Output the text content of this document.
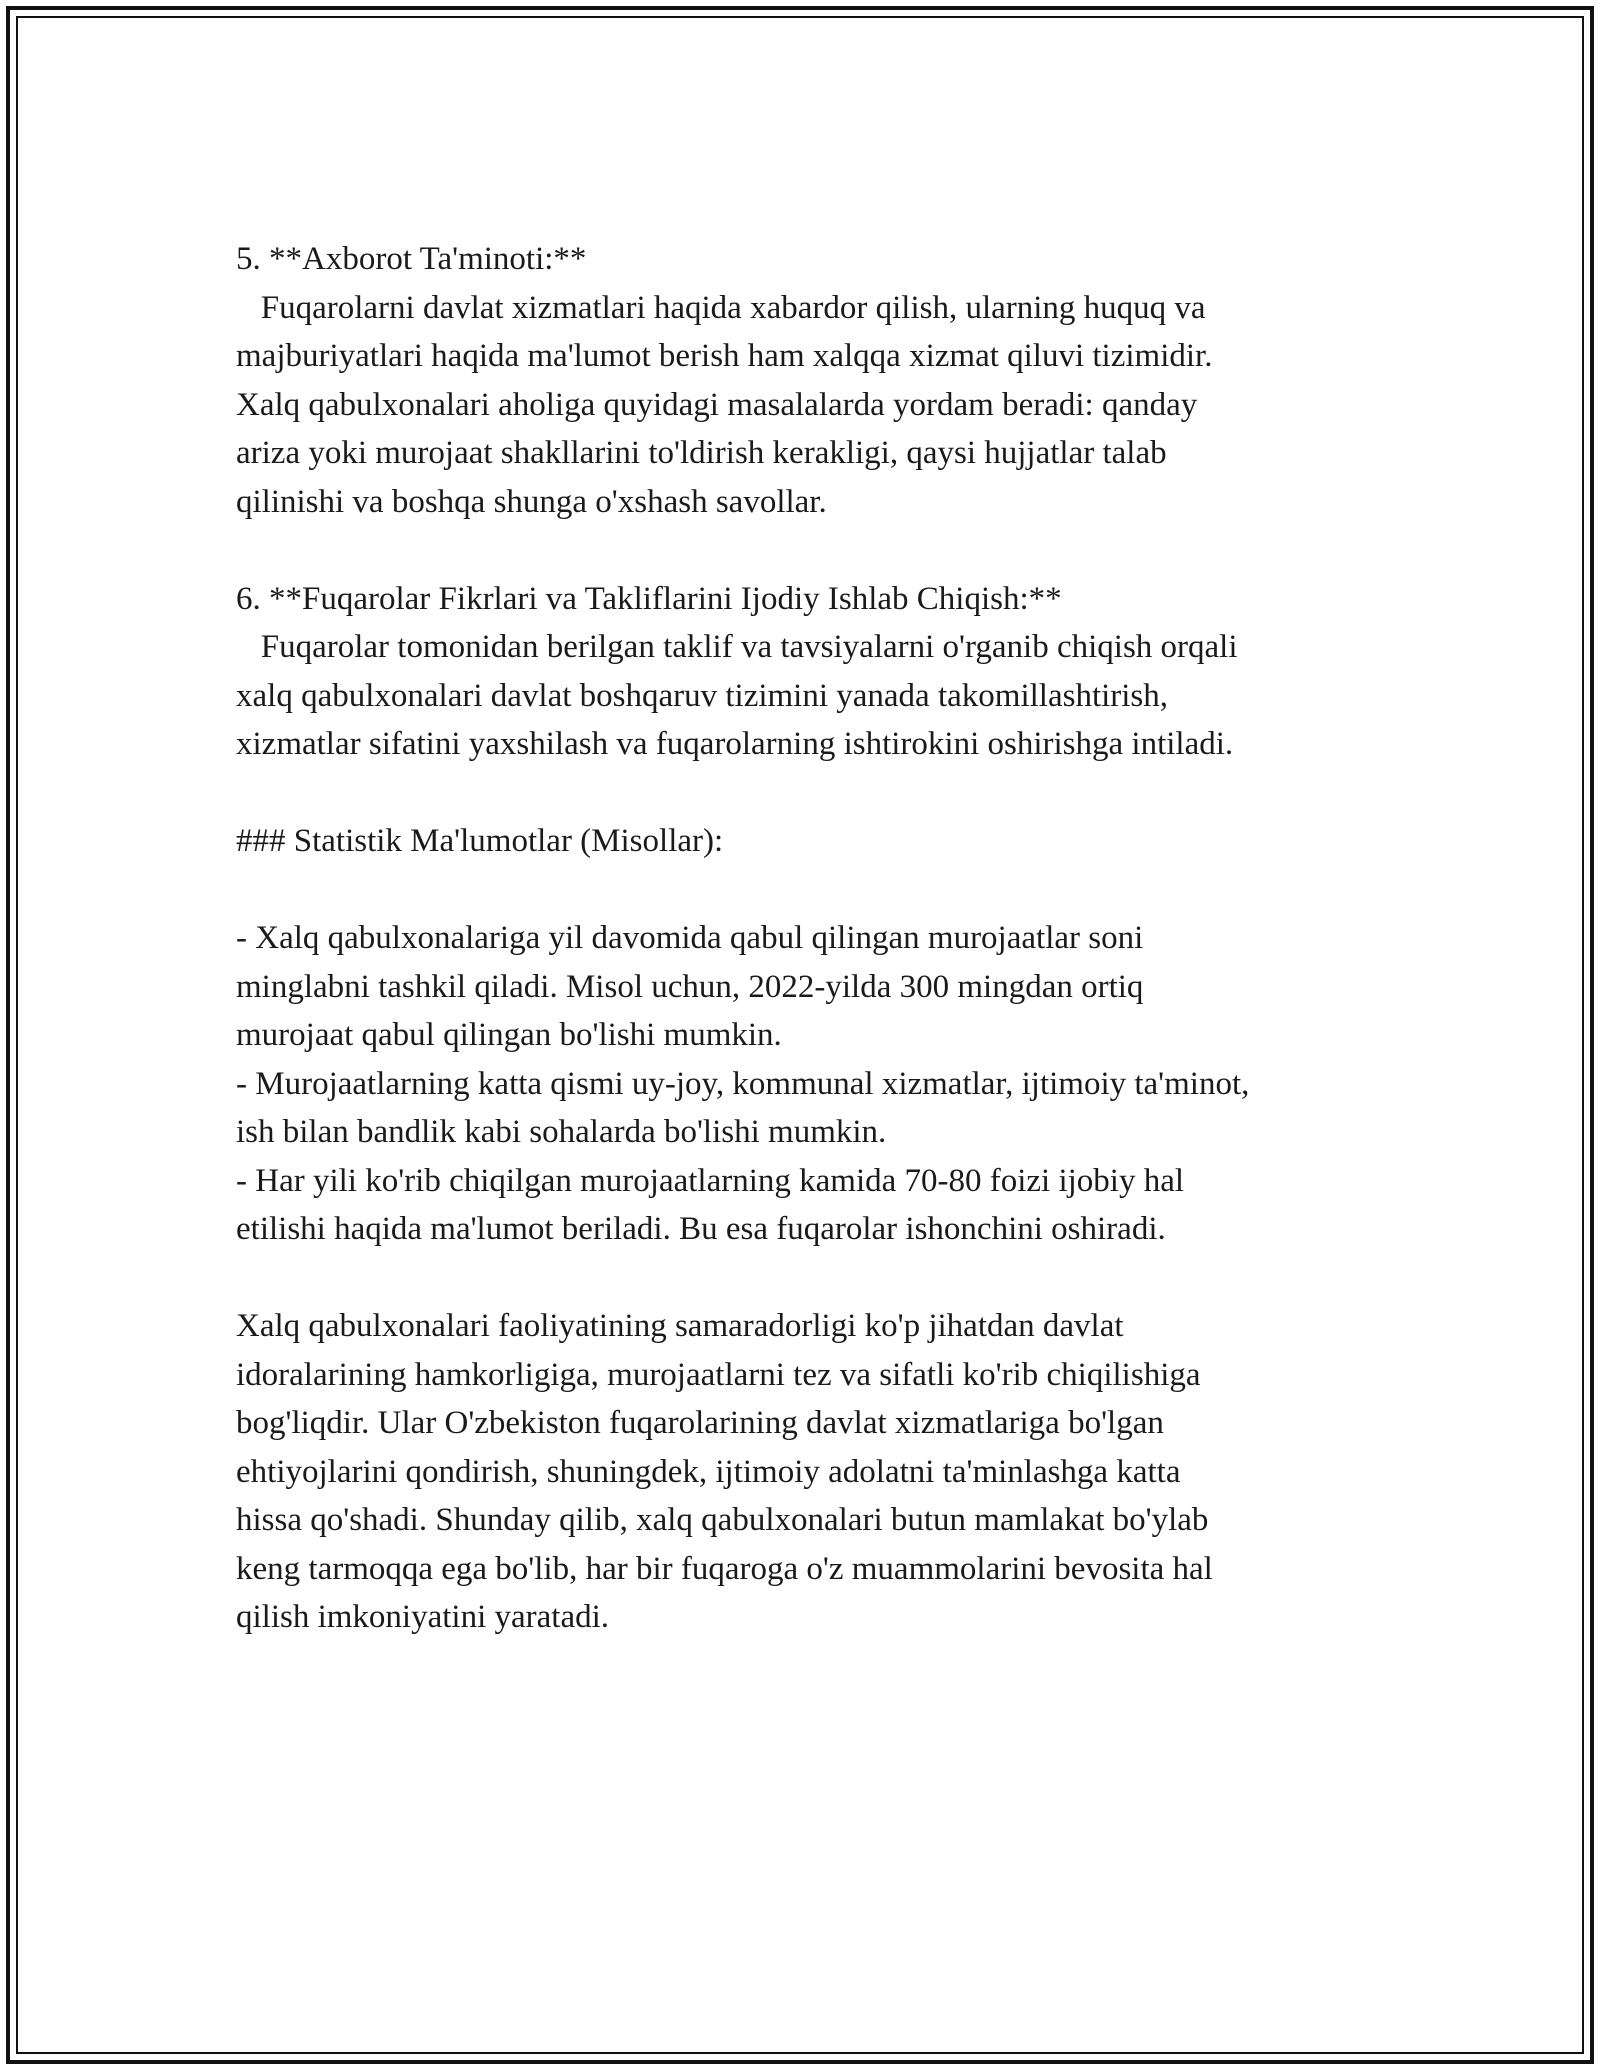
5. **Axborot Ta'minoti:**
Fuqarolarni davlat xizmatlari haqida xabardor qilish, ularning huquq va
majburiyatlari haqida ma'lumot berish ham xalqqa xizmat qiluvi tizimidir.
Xalq qabulxonalari aholiga quyidagi masalalarda yordam beradi: qanday
ariza yoki murojaat shakllarini to'ldirish kerakligi, qaysi hujjatlar talab
qilinishi va boshqa shunga o'xshash savollar.
6. **Fuqarolar Fikrlari va Takliflarini Ijodiy Ishlab Chiqish:**
Fuqarolar tomonidan berilgan taklif va tavsiyalarni o'rganib chiqish orqali
xalq qabulxonalari davlat boshqaruv tizimini yanada takomillashtirish,
xizmatlar sifatini yaxshilash va fuqarolarning ishtirokini oshirishga intiladi.
### Statistik Ma'lumotlar (Misollar):
- Xalq qabulxonalariga yil davomida qabul qilingan murojaatlar soni
minglabni tashkil qiladi. Misol uchun, 2022-yilda 300 mingdan ortiq
murojaat qabul qilingan bo'lishi mumkin.
- Murojaatlarning katta qismi uy-joy, kommunal xizmatlar, ijtimoiy ta'minot,
ish bilan bandlik kabi sohalarda bo'lishi mumkin.
- Har yili ko'rib chiqilgan murojaatlarning kamida 70-80 foizi ijobiy hal
etilishi haqida ma'lumot beriladi. Bu esa fuqarolar ishonchini oshiradi.
Xalq qabulxonalari faoliyatining samaradorligi ko'p jihatdan davlat
idoralarining hamkorligiga, murojaatlarni tez va sifatli ko'rib chiqilishiga
bog'liqdir. Ular O'zbekiston fuqarolarining davlat xizmatlariga bo'lgan
ehtiyojlarini qondirish, shuningdek, ijtimoiy adolatni ta'minlashga katta
hissa qo'shadi. Shunday qilib, xalq qabulxonalari butun mamlakat bo'ylab
keng tarmoqqa ega bo'lib, har bir fuqaroga o'z muammolarini bevosita hal
qilish imkoniyatini yaratadi.
